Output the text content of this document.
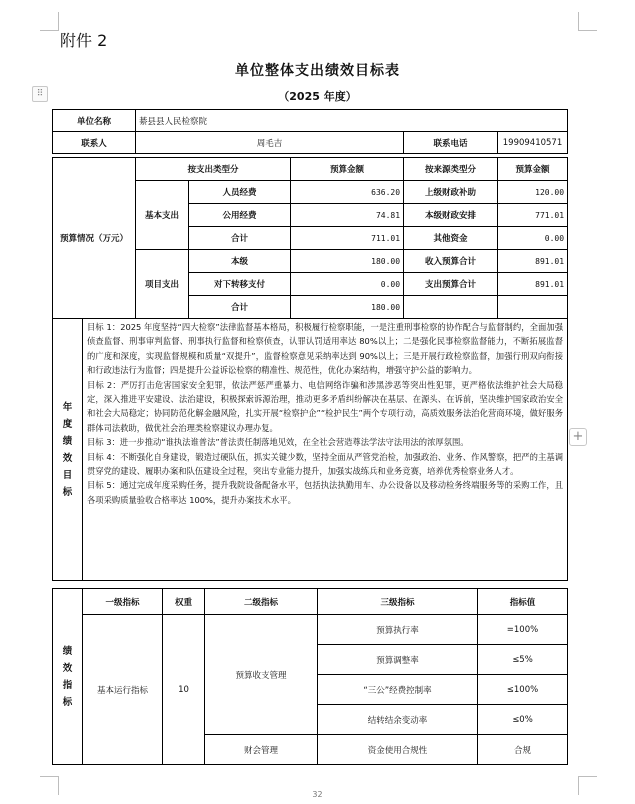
附件 2
单位整体支出绩效目标表
（2025 年度）
⠿
+
单位名称	綦县县人民检察院		
联系人	周毛吉	联系电话	19909410571
预算情况（万元）	按支出类型分		预算金额	按来源类型分	预算金额
	基本支出	人员经费	636.20	上级财政补助	120.00
		公用经费	74.81	本级财政安排	771.01
		合计	711.01	其他资金	0.00
	项目支出	本级	180.00	收入预算合计	891.01
		对下转移支付	0.00	支出预算合计	891.01
		合计	180.00		
年
度
绩
效
目
标

目标 1：2025 年度坚持“四大检察”法律监督基本格局，积极履行检察职能，一是注重刑事检察的协作配合与监督制约，全面加强侦查监督、刑事审判监督、刑事执行监督和检察侦查，认罪认罚适用率达 80%以上；二是强化民事检察监督能力，不断拓展监督的广度和深度，实现监督规模和质量“双提升”，监督检察意见采纳率达到 90%以上；三是开展行政检察监督，加强行刑双向衔接和行政违法行为监督；四是提升公益诉讼检察的精准性、规范性，优化办案结构，增强守护公益的影响力。

目标 2：严厉打击危害国家安全犯罪，依法严惩严重暴力、电信网络诈骗和涉黑涉恶等突出性犯罪，更严格依法维护社会大局稳定，深入推进平安建设、法治建设，积极探索诉源治理，推动更多矛盾纠纷解决在基层、在源头、在诉前，坚决维护国家政治安全和社会大局稳定；协同防范化解金融风险，扎实开展“检察护企”“检护民生”两个专项行动，高质效服务法治化营商环境，做好服务群体司法救助，做优社会治理类检察建议办理办复。

目标 3：进一步推动“谁执法谁普法”普法责任制落地见效，在全社会营造尊法学法守法用法的浓厚氛围。

目标 4：不断强化自身建设，锻造过硬队伍，抓实关键少数，坚持全面从严管党治检，加强政治、业务、作风警察，把严的主基调贯穿党的建设、履职办案和队伍建设全过程，突出专业能力提升，加强实战练兵和业务竞赛，培养优秀检察业务人才。

目标 5：通过完成年度采购任务，提升我院设备配备水平，包括执法执勤用车、办公设备以及移动检务终端服务等的采购工作，且各项采购质量验收合格率达 100%，提升办案技术水平。

绩
效
指
标	一级指标	权重	二级指标	三级指标	指标值
	基本运行指标	10	预算收支管理	预算执行率	=100%
				预算调整率	≤5%
				“三公”经费控制率	≤100%
				结转结余变动率	≤0%
			财会管理	资金使用合规性	合规
32
